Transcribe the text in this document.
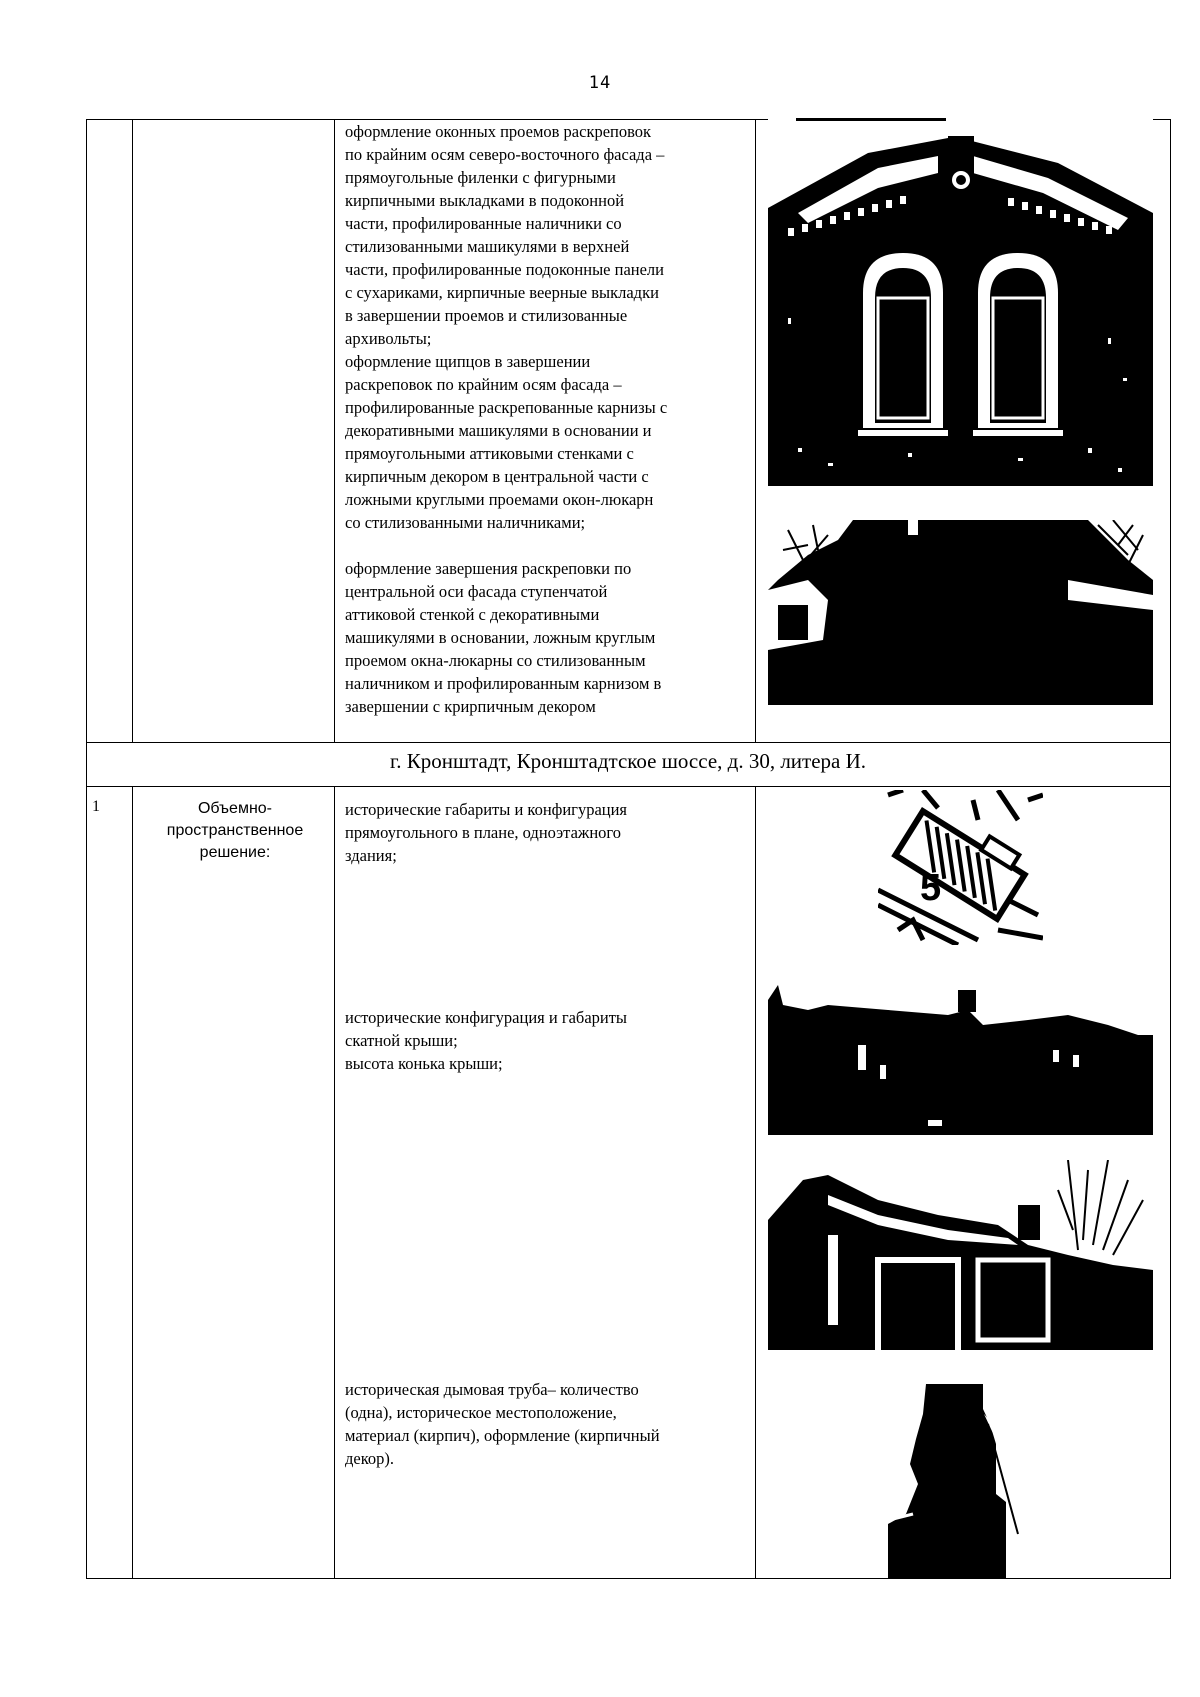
14
оформление оконных проемов раскреповок
по крайним осям северо-восточного фасада –
прямоугольные филенки с фигурными
кирпичными выкладками в подоконной
части, профилированные наличники со
стилизованными машикулями в верхней
части, профилированные подоконные панели
с сухариками, кирпичные веерные выкладки
в завершении проемов и стилизованные
архивольты;
оформление щипцов в завершении
раскреповок по крайним осям фасада –
профилированные раскрепованные карнизы с
декоративными машикулями в основании и
прямоугольными аттиковыми стенками с
кирпичным декором в центральной части с
ложными круглыми проемами окон-люкарн
со стилизованными наличниками;
оформление завершения раскреповки по
центральной оси фасада ступенчатой
аттиковой стенкой с декоративными
машикулями в основании, ложным круглым
проемом окна-люкарны со стилизованным
наличником и профилированным карнизом в
завершении с крирпичным декором
г. Кронштадт, Кронштадтское шоссе, д. 30, литера И.
1	Объемно-
пространственное
решение:
исторические габариты и конфигурация
прямоугольного в плане, одноэтажного
здания;
исторические конфигурация и габариты
скатной крыши;
высота конька крыши;
историческая дымовая труба– количество
(одна), историческое местоположение,
материал (кирпич), оформление (кирпичный
декор).
5
